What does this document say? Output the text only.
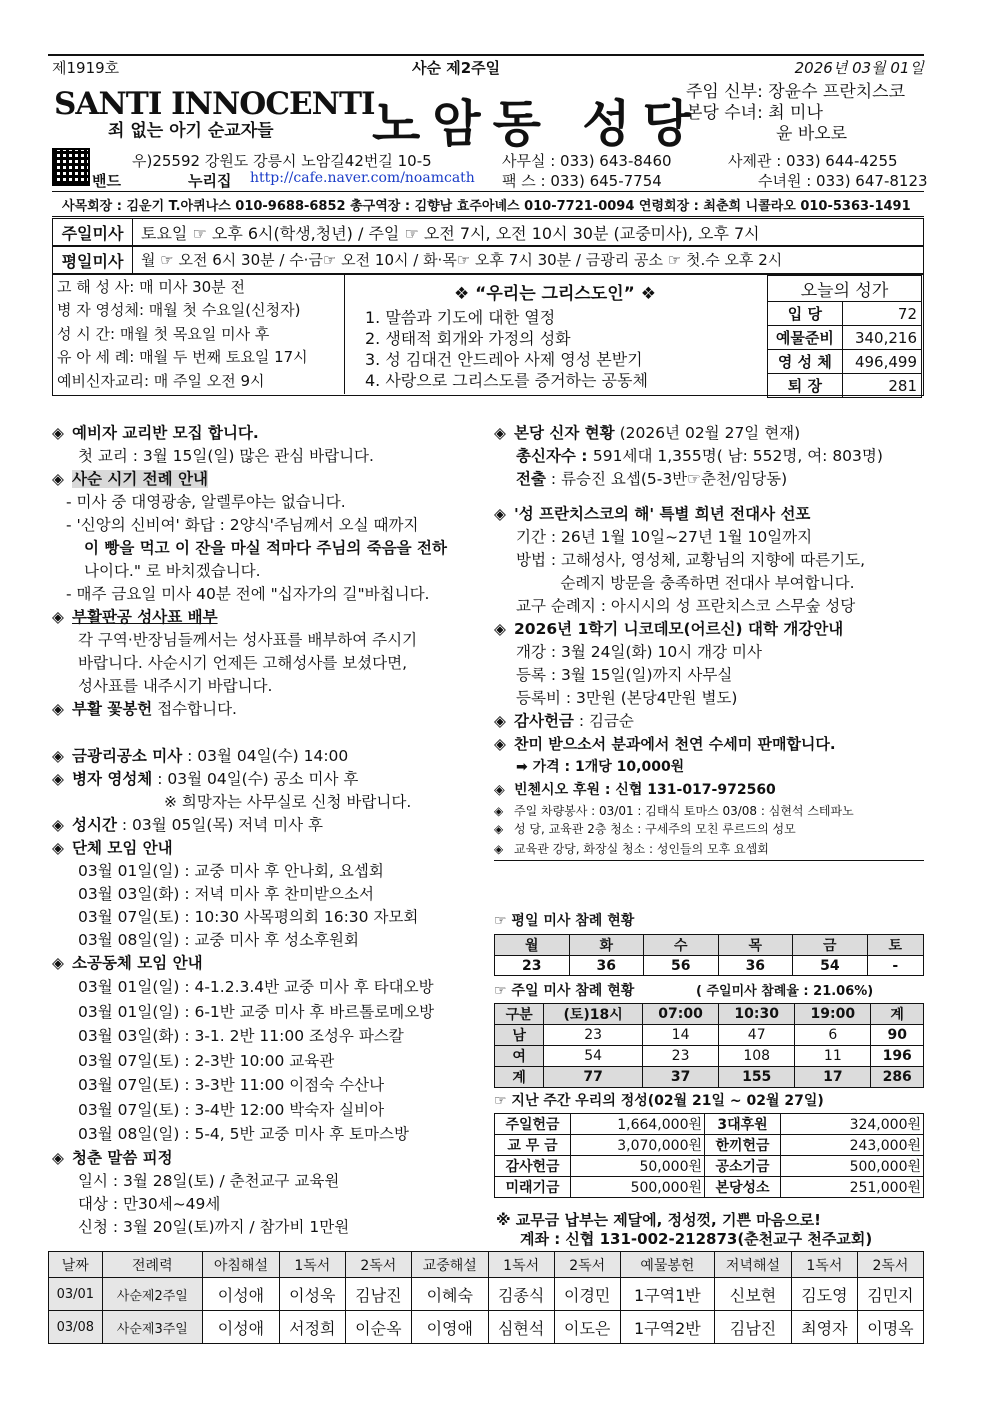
제1919호	사순 제2주일	2026년 03월 01일
SANTI INNOCENTI
죄 없는 아기 순교자들 노암동 성당
주임 신부: 장윤수 프란치스코
본당 수녀: 최 미나
윤 바오로
우)25592 강원도 강릉시 노암길42번길 10-5	사무실 : 033) 643-8460	사제관 : 033) 644-4255
밴드	누리집 http://cafe.naver.com/noamcath 팩 스 : 033) 645-7754	수녀원 : 033) 647-8123
사목회장 : 김운기 T.아퀴나스 010-9688-6852 총구역장 : 김향남 효주아녜스 010-7721-0094 연령회장 : 최춘희 니콜라오 010-5363-1491
주일미사	토요일 ☞ 오후 6시(학생,청년) / 주일 ☞ 오전 7시, 오전 10시 30분 (교중미사), 오후 7시
평일미사	월 ☞ 오전 6시 30분 / 수·금☞ 오전 10시 / 화·목☞ 오후 7시 30분 / 금광리 공소 ☞ 첫.수 오후 2시
고 해 성 사: 매 미사 30분 전
병 자 영성체: 매월 첫 수요일(신청자)
성 시 간: 매월 첫 목요일 미사 후
유 아 세 례: 매월 두 번째 토요일 17시
예비신자교리: 매 주일 오전 9시
❖ “우리는 그리스도인” ❖
1. 말씀과 기도에 대한 열정
2. 생태적 회개와 가정의 성화
3. 성 김대건 안드레아 사제 영성 본받기
4. 사랑으로 그리스도를 증거하는 공동체
오늘의 성가	
입 당	72
예물준비	340,216
영 성 체	496,499
퇴 장	281
◈ 예비자 교리반 모집 합니다.
첫 교리 : 3월 15일(일) 많은 관심 바랍니다.
◈ 사순 시기 전례 안내
- 미사 중 대영광송, 알렐루야는 없습니다.
- '신앙의 신비여' 화답 : 2양식'주님께서 오실 때까지
이 빵을 먹고 이 잔을 마실 적마다 주님의 죽음을 전하
나이다." 로 바치겠습니다.
- 매주 금요일 미사 40분 전에 "십자가의 길"바칩니다.
◈ 부활판공 성사표 배부
각 구역·반장님들께서는 성사표를 배부하여 주시기
바랍니다. 사순시기 언제든 고해성사를 보셨다면,
성사표를 내주시기 바랍니다.
◈ 부활 꽃봉헌 접수합니다.
◈ 금광리공소 미사 : 03월 04일(수) 14:00
◈ 병자 영성체 : 03월 04일(수) 공소 미사 후
※ 희망자는 사무실로 신청 바랍니다.
◈ 성시간 : 03월 05일(목) 저녁 미사 후
◈ 단체 모임 안내
03월 01일(일) : 교중 미사 후 안나회, 요셉회
03월 03일(화) : 저녁 미사 후 찬미받으소서
03월 07일(토) : 10:30 사목평의회 16:30 자모회
03월 08일(일) : 교중 미사 후 성소후원회
◈ 소공동체 모임 안내
03월 01일(일) : 4-1.2.3.4반 교중 미사 후 타대오방
03월 01일(일) : 6-1반 교중 미사 후 바르톨로메오방
03월 03일(화) : 3-1. 2반 11:00 조성우 파스칼
03월 07일(토) : 2-3반 10:00 교육관
03월 07일(토) : 3-3반 11:00 이점숙 수산나
03월 07일(토) : 3-4반 12:00 박숙자 실비아
03월 08일(일) : 5-4, 5반 교중 미사 후 토마스방
◈ 청춘 말씀 피정
일시 : 3월 28일(토) / 춘천교구 교육원
대상 : 만30세~49세
신청 : 3월 20일(토)까지 / 참가비 1만원
◈ 본당 신자 현황 (2026년 02월 27일 현재)
총신자수 : 591세대 1,355명( 남: 552명, 여: 803명)
전출 : 류승진 요셉(5-3반☞춘천/임당동)
◈ '성 프란치스코의 해' 특별 희년 전대사 선포
기간 : 26년 1월 10일~27년 1월 10일까지
방법 : 고해성사, 영성체, 교황님의 지향에 따른기도,
순례지 방문을 충족하면 전대사 부여합니다.
교구 순례지 : 아시시의 성 프란치스코 스무숲 성당
◈ 2026년 1학기 니코데모(어르신) 대학 개강안내
개강 : 3월 24일(화) 10시 개강 미사
등록 : 3월 15일(일)까지 사무실
등록비 : 3만원 (본당4만원 별도)
◈ 감사헌금 : 김금순
◈ 찬미 받으소서 분과에서 천연 수세미 판매합니다.
➡ 가격 : 1개당 10,000원
◈ 빈첸시오 후원 : 신협 131-017-972560
◈ 주일 차량봉사 : 03/01 : 김태식 토마스 03/08 : 심현석 스테파노
◈ 성 당, 교육관 2층 청소 : 구세주의 모친 루르드의 성모
◈ 교육관 강당, 화장실 청소 : 성인들의 모후 요셉회
☞ 평일 미사 참례 현황
월	화	수	목	금	토
23	36	56	36	54	-
☞ 주일 미사 참례 현황	( 주일미사 참례율 : 21.06%)
구분	(토)18시	07:00	10:30	19:00	계
남	23	14	47	6	90
여	54	23	108	11	196
계	77	37	155	17	286
☞ 지난 주간 우리의 정성(02월 21일 ~ 02월 27일)
주일헌금	1,664,000원	3대후원	324,000원
교 무 금	3,070,000원	한끼헌금	243,000원
감사헌금	50,000원	공소기금	500,000원
미래기금	500,000원	본당성소	251,000원
※ 교무금 납부는 제달에, 정성껏, 기쁜 마음으로!
계좌 : 신협 131-002-212873(춘천교구 천주교회)
날짜	전례력	아침해설	1독서	2독서	교중해설	1독서	2독서	예물봉헌	저녁해설	1독서	2독서
03/01	사순제2주일	이성애	이성욱	김남진	이혜숙	김종식	이경민	1구역1반	신보현	김도영	김민지
03/08	사순제3주일	이성애	서정희	이순옥	이영애	심현석	이도은	1구역2반	김남진	최영자	이명옥
